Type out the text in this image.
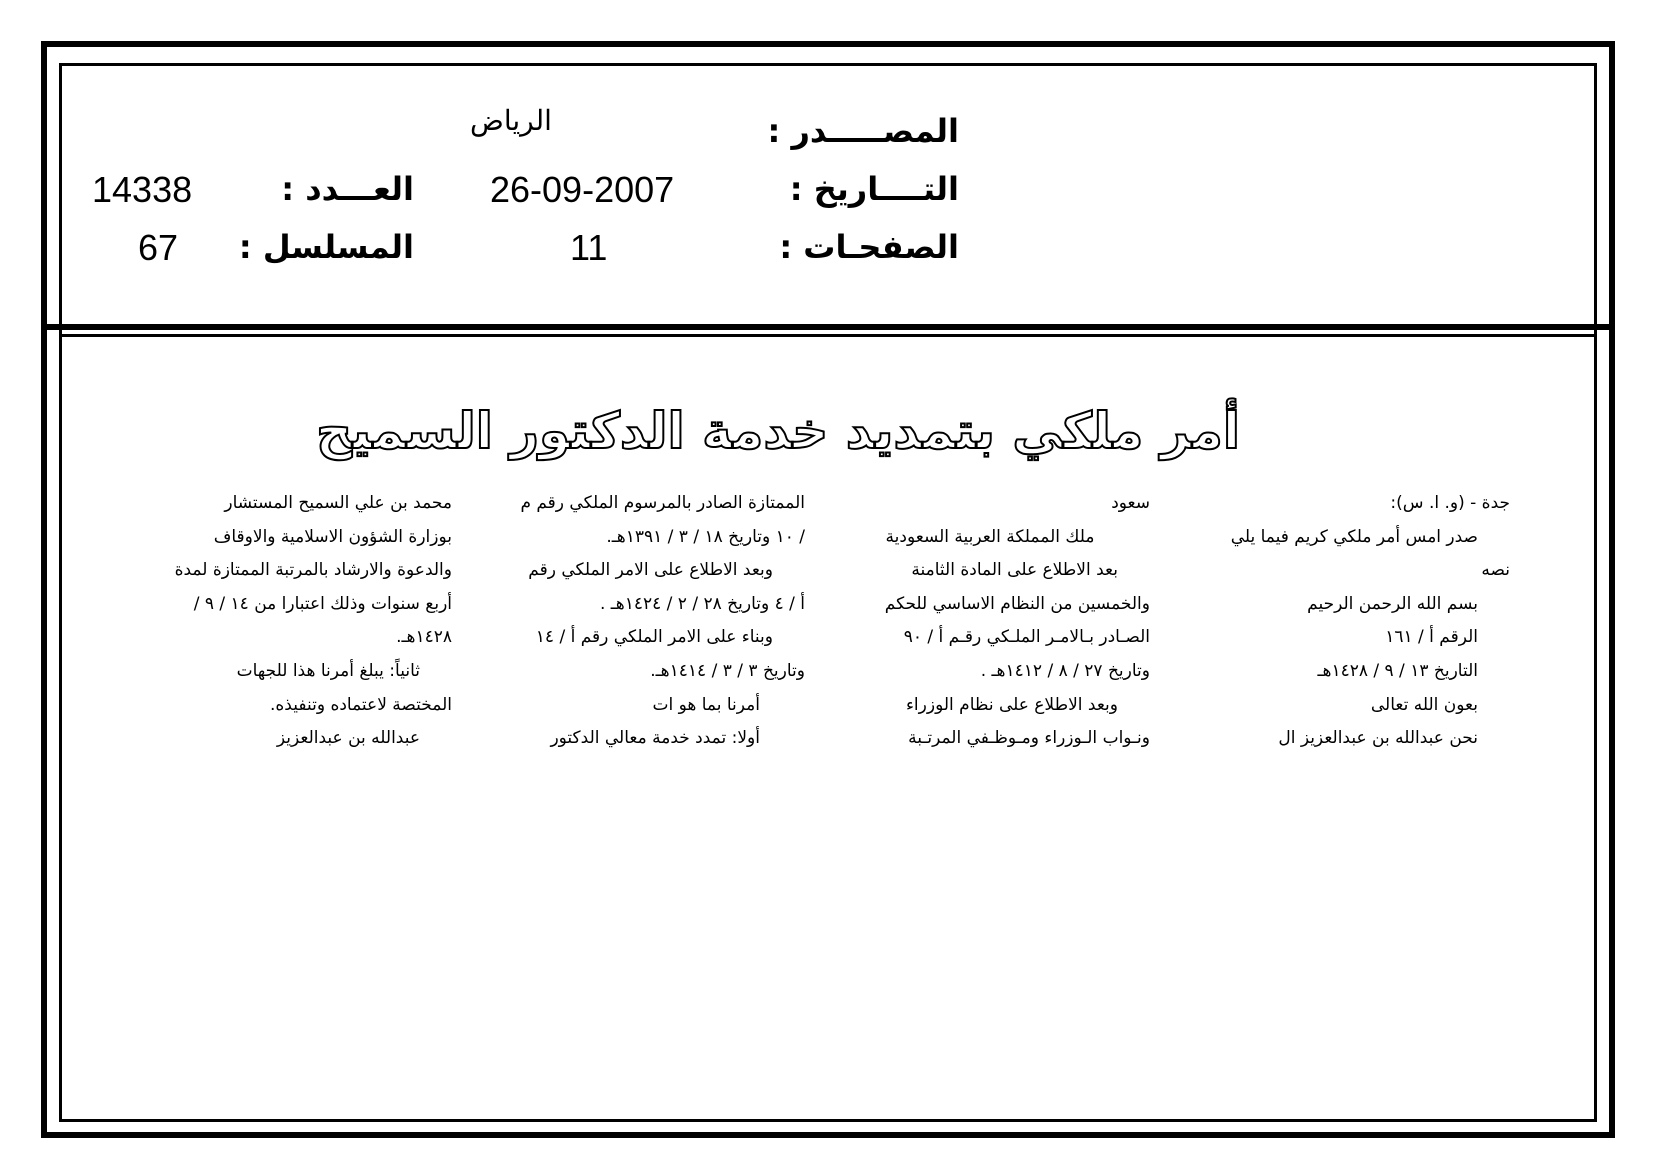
المصـــــدر :
الرياض
التــــاريخ :
26-09-2007
العـــدد :
14338
الصفحـات :
11
المسلسل :
67
أمر ملكي بتمديد خدمة الدكتور السميح
جدة - (و. ا. س):
صدر امس أمر ملكي كريم فيما يلي
نصه
بسم الله الرحمن الرحيم
الرقم أ / ١٦١
التاريخ ١٣ / ٩ / ١٤٢٨هـ
بعون الله تعالى
نحن عبدالله بن عبدالعزيز ال
سعود
ملك المملكة العربية السعودية
بعد الاطلاع على المادة الثامنة
والخمسين من النظام الاساسي للحكم
الصـادر بـالامـر الملـكي رقـم أ / ٩٠
وتاريخ ٢٧ / ٨ / ١٤١٢هـ .
وبعد الاطلاع على نظام الوزراء
ونـواب الـوزراء ومـوظـفي المرتـبة
الممتازة الصادر بالمرسوم الملكي رقم م
/ ١٠ وتاريخ ١٨ / ٣ / ١٣٩١هـ.
وبعد الاطلاع على الامر الملكي رقم
أ / ٤ وتاريخ ٢٨ / ٢ / ١٤٢٤هـ .
وبناء على الامر الملكي رقم أ / ١٤
وتاريخ ٣ / ٣ / ١٤١٤هـ.
أمرنا بما هو ات
أولا: تمدد خدمة معالي الدكتور
محمد بن علي السميح المستشار
بوزارة الشؤون الاسلامية والاوقاف
والدعوة والارشاد بالمرتبة الممتازة لمدة
أربع سنوات وذلك اعتبارا من ١٤ / ٩ /
١٤٢٨هـ.
ثانياً: يبلغ أمرنا هذا للجهات
المختصة لاعتماده وتنفيذه.
عبدالله بن عبدالعزيز
